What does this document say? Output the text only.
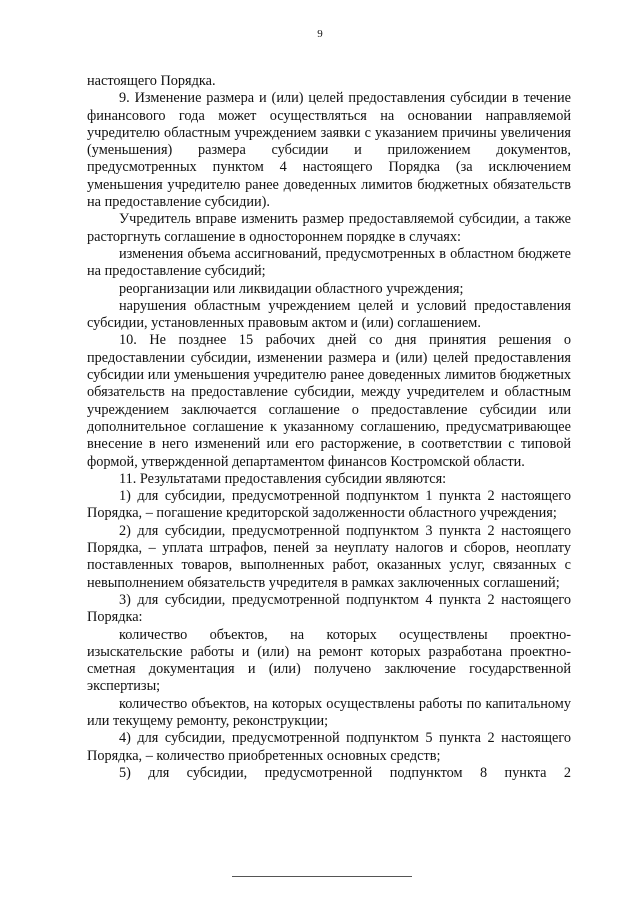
9

настоящего Порядка.

9. Изменение размера и (или) целей предоставления субсидии в течение финансового года может осуществляться на основании направляемой учредителю областным учреждением заявки с указанием причины увеличения (уменьшения) размера субсидии и приложением документов, предусмотренных пунктом 4 настоящего Порядка (за исключением уменьшения учредителю ранее доведенных лимитов бюджетных обязательств на предоставление субсидии).

Учредитель вправе изменить размер предоставляемой субсидии, а также расторгнуть соглашение в одностороннем порядке в случаях:

изменения объема ассигнований, предусмотренных в областном бюджете на предоставление субсидий;

реорганизации или ликвидации областного учреждения;

нарушения областным учреждением целей и условий предоставления субсидии, установленных правовым актом и (или) соглашением.

10. Не позднее 15 рабочих дней со дня принятия решения о предоставлении субсидии, изменении размера и (или) целей предоставления субсидии или уменьшения учредителю ранее доведенных лимитов бюджетных обязательств на предоставление субсидии, между учредителем и областным учреждением заключается соглашение о предоставление субсидии или дополнительное соглашение к указанному соглашению, предусматривающее внесение в него изменений или его расторжение, в соответствии с типовой формой, утвержденной департаментом финансов Костромской области.

11. Результатами предоставления субсидии являются:

1) для субсидии, предусмотренной подпунктом 1 пункта 2 настоящего Порядка, – погашение кредиторской задолженности областного учреждения;

2) для субсидии, предусмотренной подпунктом 3 пункта 2 настоящего Порядка, – уплата штрафов, пеней за неуплату налогов и сборов, неоплату поставленных товаров, выполненных работ, оказанных услуг, связанных с невыполнением обязательств учредителя в рамках заключенных соглашений;

3) для субсидии, предусмотренной подпунктом 4 пункта 2 настоящего Порядка:

количество объектов, на которых осуществлены проектно-изыскательские работы и (или) на ремонт которых разработана проектно-сметная документация и (или) получено заключение государственной экспертизы;

количество объектов, на которых осуществлены работы по капитальному или текущему ремонту, реконструкции;

4) для субсидии, предусмотренной подпунктом 5 пункта 2 настоящего Порядка, – количество приобретенных основных средств;

5) для субсидии, предусмотренной подпунктом 8 пункта 2
